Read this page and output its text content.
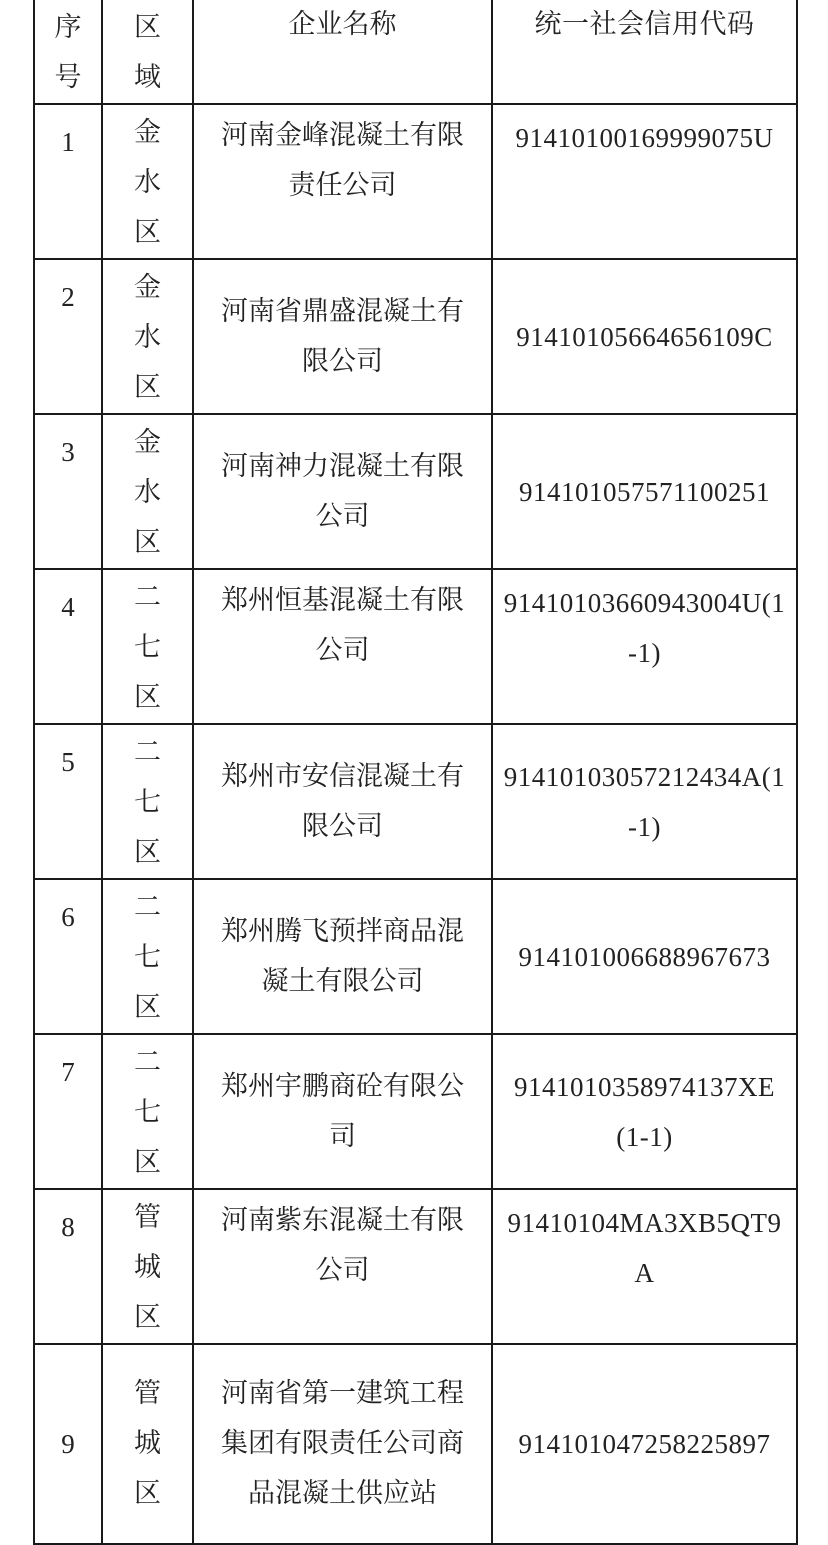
序号	区域	企业名称	统一社会信用代码

1	金水区	河南金峰混凝土有限责任公司	91410100169999075U

2	金水区	河南省鼎盛混凝土有限公司	91410105664656109C

3	金水区	河南神力混凝土有限公司	914101057571100251

4	二七区	郑州恒基混凝土有限公司	91410103660943004U(1-1)

5	二七区	郑州市安信混凝土有限公司	91410103057212434A(1-1)

6	二七区	郑州腾飞预拌商品混凝土有限公司	914101006688967673

7	二七区	郑州宇鹏商砼有限公司	9141010358974137XE(1-1)

8	管城区	河南紫东混凝土有限公司	91410104MA3XB5QT9A

9	管城区	河南省第一建筑工程集团有限责任公司商品混凝土供应站	914101047258225897
